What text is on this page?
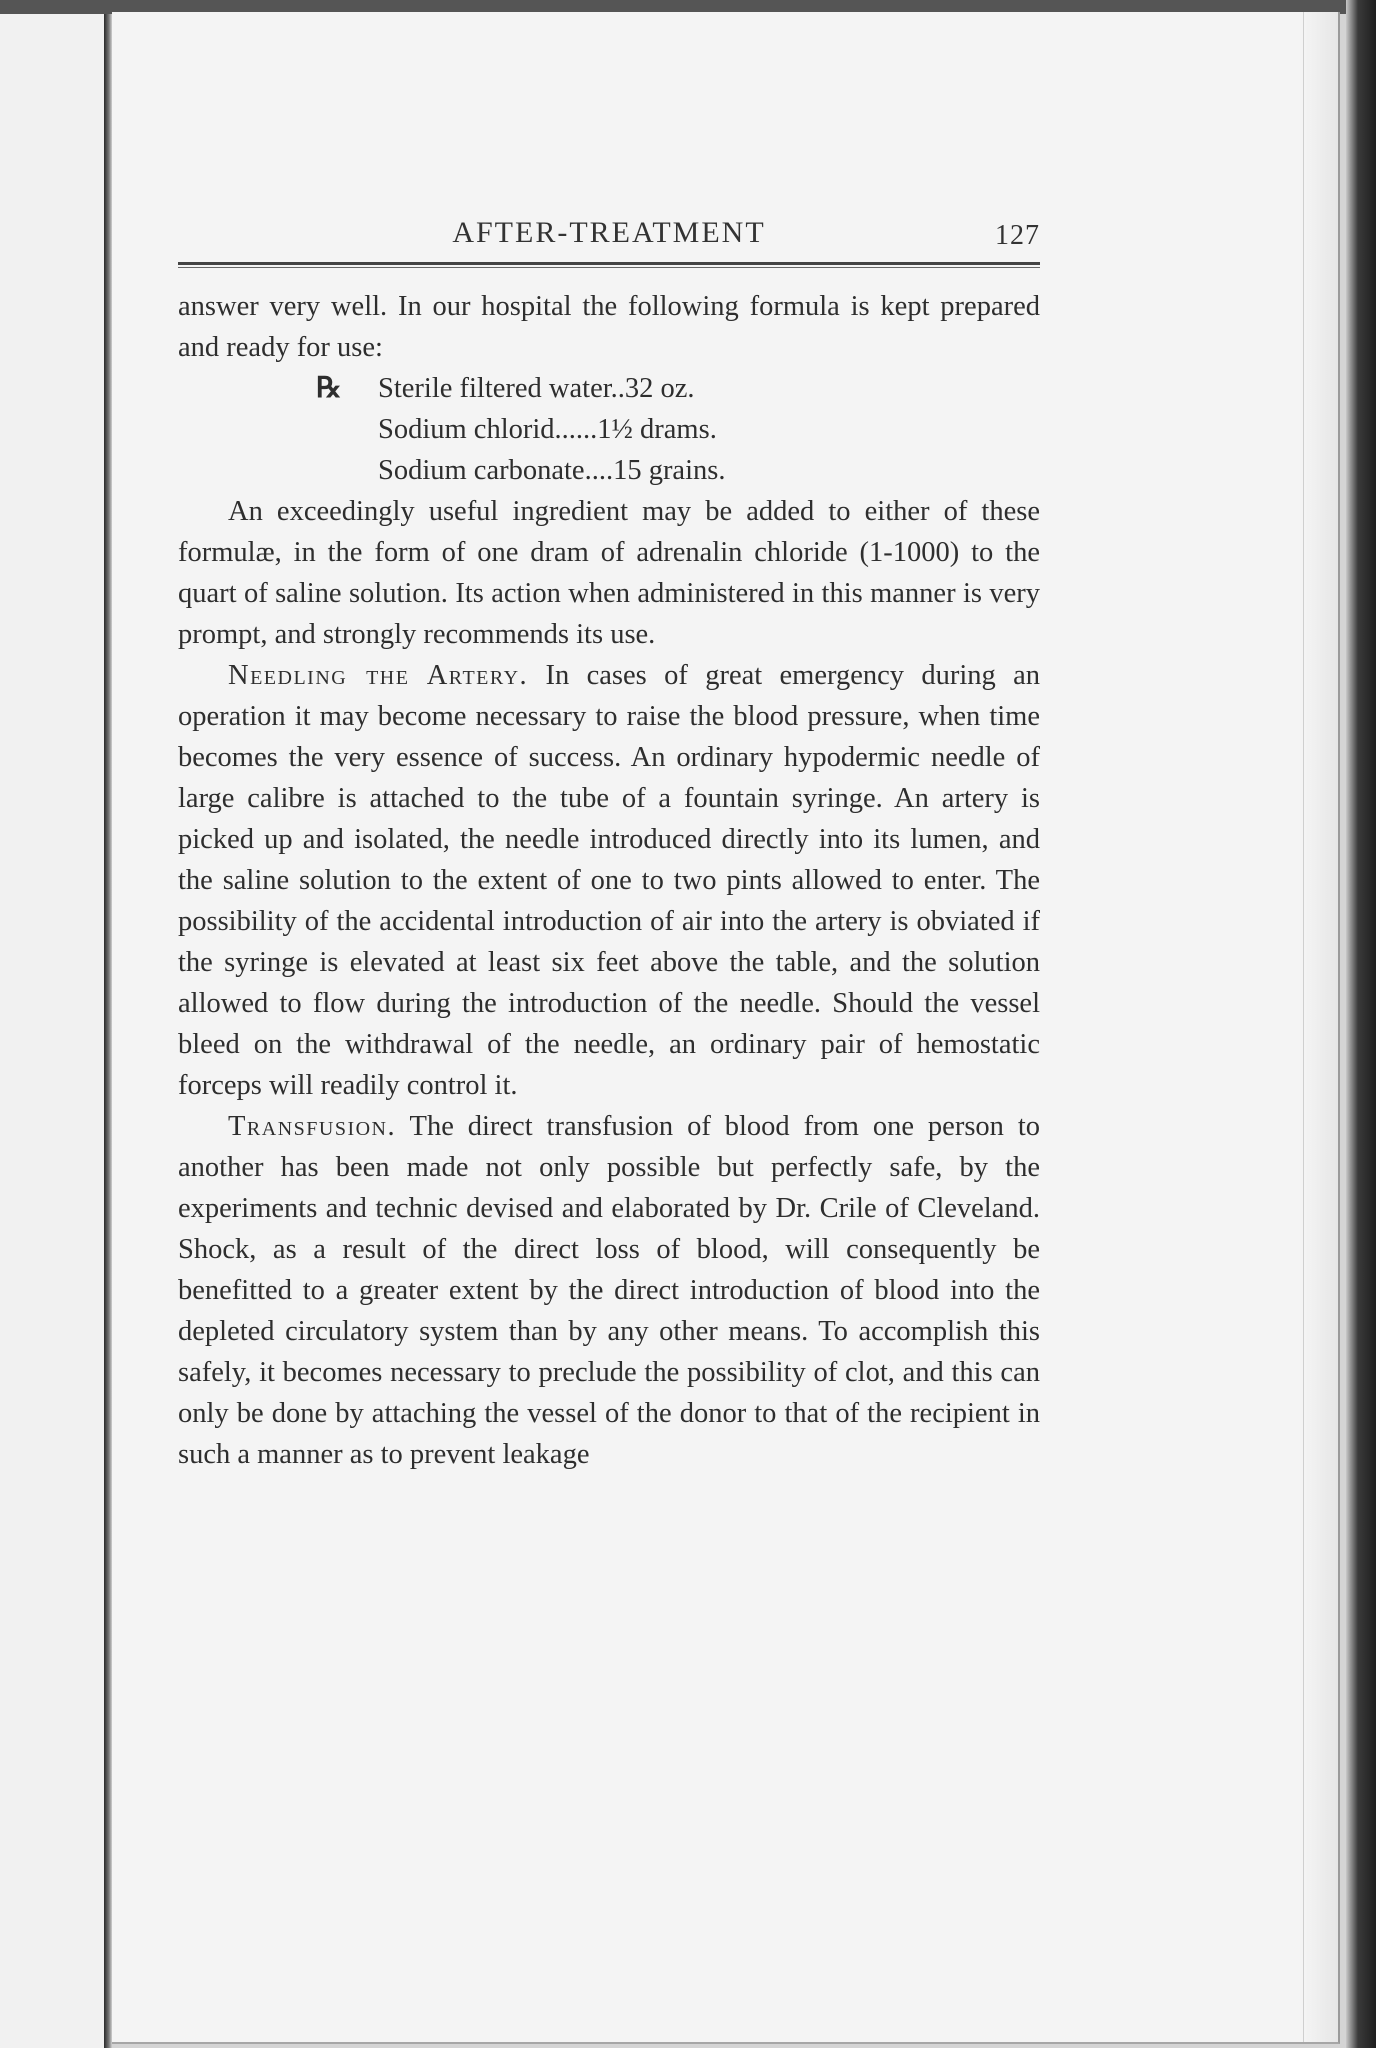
AFTER-TREATMENT	127

answer very well. In our hospital the following formula is kept prepared and ready for use:

℞ Sterile filtered water..32 oz.
Sodium chlorid......1½ drams.
Sodium carbonate....15 grains.

An exceedingly useful ingredient may be added to either of these formulæ, in the form of one dram of adrenalin chloride (1-1000) to the quart of saline solution. Its action when administered in this manner is very prompt, and strongly recommends its use.

Needling the Artery. In cases of great emergency during an operation it may become necessary to raise the blood pressure, when time becomes the very essence of success. An ordinary hypodermic needle of large calibre is attached to the tube of a fountain syringe. An artery is picked up and isolated, the needle introduced directly into its lumen, and the saline solution to the extent of one to two pints allowed to enter. The possibility of the accidental introduction of air into the artery is obviated if the syringe is elevated at least six feet above the table, and the solution allowed to flow during the introduction of the needle. Should the vessel bleed on the withdrawal of the needle, an ordinary pair of hemostatic forceps will readily control it.

Transfusion. The direct transfusion of blood from one person to another has been made not only possible but perfectly safe, by the experiments and technic devised and elaborated by Dr. Crile of Cleveland. Shock, as a result of the direct loss of blood, will consequently be benefitted to a greater extent by the direct introduction of blood into the depleted circulatory system than by any other means. To accomplish this safely, it becomes necessary to preclude the possibility of clot, and this can only be done by attaching the vessel of the donor to that of the recipient in such a manner as to prevent leakage
